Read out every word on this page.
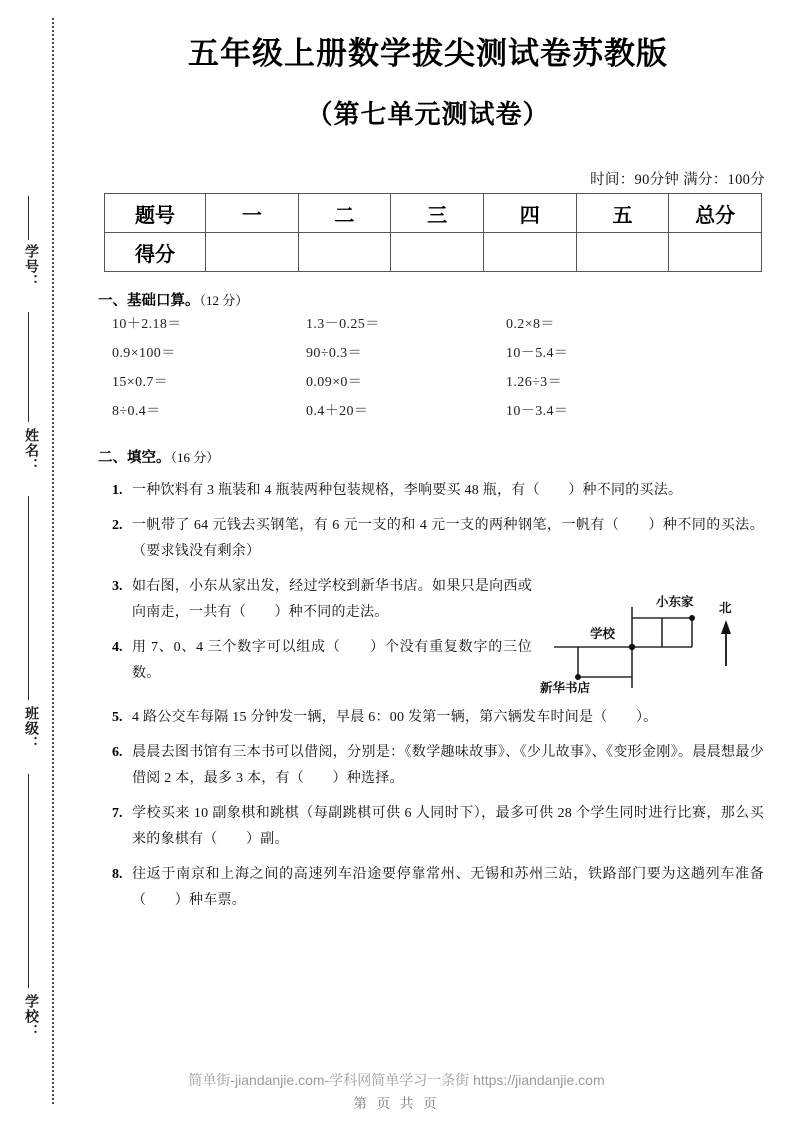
学号：
姓名：
班级：
学校：
五年级上册数学拔尖测试卷苏教版
（第七单元测试卷）
时间：90分钟 满分：100分
题号	一	二	三	四	五	总分
得分						
一、基础口算。（12 分）
10＋2.18＝	1.3－0.25＝	0.2×8＝
0.9×100＝	90÷0.3＝	10－5.4＝
15×0.7＝	0.09×0＝	1.26÷3＝
8÷0.4＝	0.4＋20＝	10－3.4＝
二、填空。（16 分）
1. 一种饮料有 3 瓶装和 4 瓶装两种包装规格，李响要买 48 瓶，有（　　）种不同的买法。
2. 一帆带了 64 元钱去买钢笔，有 6 元一支的和 4 元一支的两种钢笔，一帆有（　　）种不同的买法。（要求钱没有剩余）
3. 如右图，小东从家出发，经过学校到新华书店。如果只是向西或向南走，一共有（　　）种不同的走法。
4. 用 7、0、4 三个数字可以组成（　　）个没有重复数字的三位数。
5. 4 路公交车每隔 15 分钟发一辆，早晨 6：00 发第一辆，第六辆发车时间是（　　）。
6. 晨晨去图书馆有三本书可以借阅，分别是：《数学趣味故事》、《少儿故事》、《变形金刚》。晨晨想最少借阅 2 本，最多 3 本，有（　　）种选择。
7. 学校买来 10 副象棋和跳棋（每副跳棋可供 6 人同时下），最多可供 28 个学生同时进行比赛，那么买来的象棋有（　　）副。
8. 往返于南京和上海之间的高速列车沿途要停靠常州、无锡和苏州三站，铁路部门要为这趟列车准备（　　）种车票。
小东家
学校
新华书店
北
简单街-jiandanjie.com-学科网简单学习一条街 https://jiandanjie.com
第 页 共 页
